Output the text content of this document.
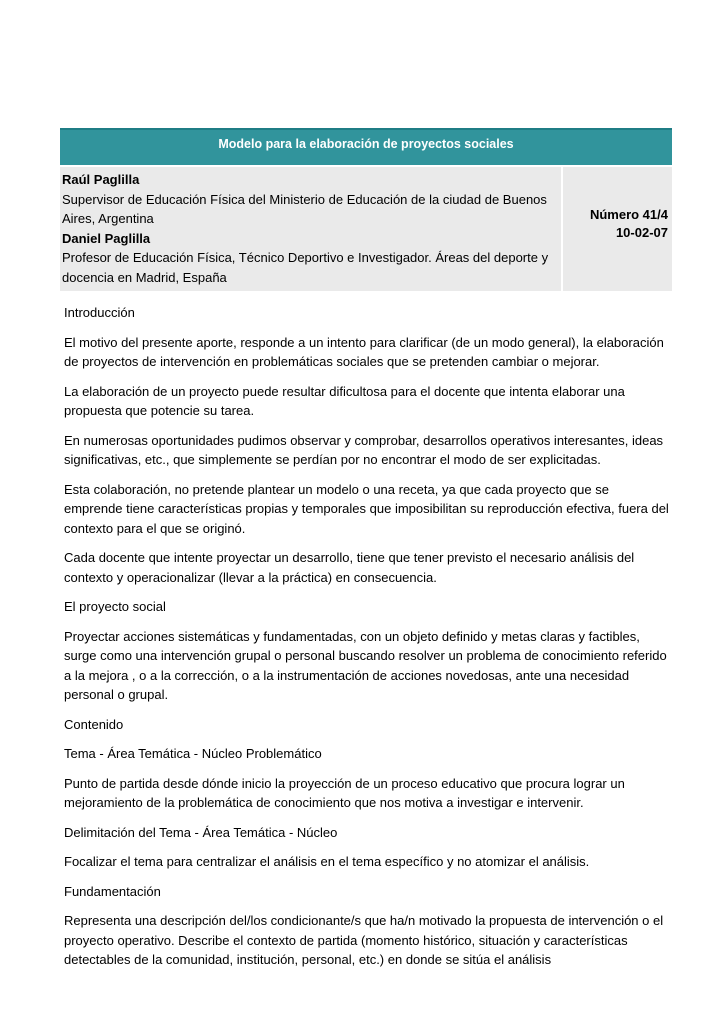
Modelo para la elaboración de proyectos sociales
Raúl Paglilla
Supervisor de Educación Física del Ministerio de Educación de la ciudad de Buenos Aires, Argentina
Daniel Paglilla
Profesor de Educación Física, Técnico Deportivo e Investigador. Áreas del deporte y docencia en Madrid, España
Número 41/4
10-02-07

Introducción

El motivo del presente aporte, responde a un intento para clarificar (de un modo general), la elaboración de proyectos de intervención en problemáticas sociales que se pretenden cambiar o mejorar.

La elaboración de un proyecto puede resultar dificultosa para el docente que intenta elaborar una propuesta que potencie su tarea.

En numerosas oportunidades pudimos observar y comprobar, desarrollos operativos interesantes, ideas significativas, etc., que simplemente se perdían por no encontrar el modo de ser explicitadas.

Esta colaboración, no pretende plantear un modelo o una receta, ya que cada proyecto que se emprende tiene características propias y temporales que imposibilitan su reproducción efectiva, fuera del contexto para el que se originó.

Cada docente que intente proyectar un desarrollo, tiene que tener previsto el necesario análisis del contexto y operacionalizar (llevar a la práctica) en consecuencia.

El proyecto social

Proyectar acciones sistemáticas y fundamentadas, con un objeto definido y metas claras y factibles, surge como una intervención grupal o personal buscando resolver un problema de conocimiento referido a la mejora , o a la corrección, o a la instrumentación de acciones novedosas, ante una necesidad personal o grupal.

Contenido

Tema - Área Temática - Núcleo Problemático

Punto de partida desde dónde inicio la proyección de un proceso educativo que procura lograr un mejoramiento de la problemática de conocimiento que nos motiva a investigar e intervenir.

Delimitación del Tema - Área Temática - Núcleo

Focalizar el tema para centralizar el análisis en el tema específico y no atomizar el análisis.

Fundamentación

Representa una descripción del/los condicionante/s que ha/n motivado la propuesta de intervención o el proyecto operativo. Describe el contexto de partida (momento histórico, situación y características detectables de la comunidad, institución, personal, etc.) en donde se sitúa el análisis
